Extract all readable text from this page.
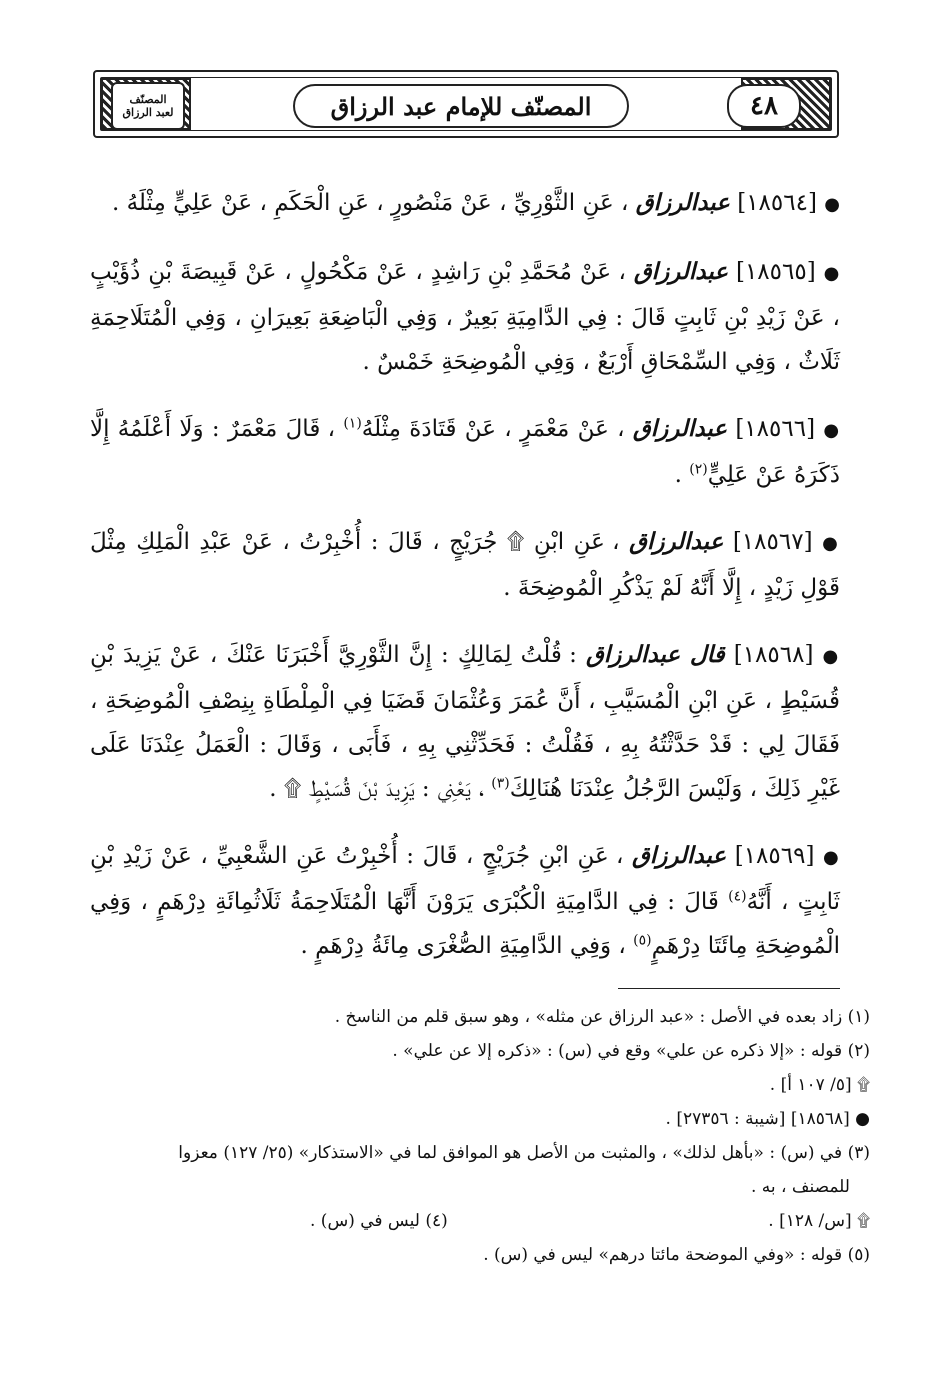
المصنّف
لعبد الرزاق	المصنّف للإمام عبد الرزاق	٤٨

● [١٨٥٦٤] عبدالرزاق ، عَنِ الثَّوْرِيِّ ، عَنْ مَنْصُورٍ ، عَنِ الْحَكَمِ ، عَنْ عَلِيٍّ مِثْلَهُ .

● [١٨٥٦٥] عبدالرزاق ، عَنْ مُحَمَّدِ بْنِ رَاشِدٍ ، عَنْ مَكْحُولٍ ، عَنْ قَبِيصَةَ بْنِ ذُؤَيْبٍ ، عَنْ زَيْدِ بْنِ ثَابِتٍ قَالَ : فِي الدَّامِيَةِ بَعِيرٌ ، وَفِي الْبَاضِعَةِ بَعِيرَانِ ، وَفِي الْمُتَلَاحِمَةِ ثَلَاثٌ ، وَفِي السِّمْحَاقِ أَرْبَعٌ ، وَفِي الْمُوضِحَةِ خَمْسٌ .

● [١٨٥٦٦] عبدالرزاق ، عَنْ مَعْمَرٍ ، عَنْ قَتَادَةَ مِثْلَهُ$^{(١)}$ ، قَالَ مَعْمَرٌ : وَلَا أَعْلَمُهُ إِلَّا ذَكَرَهُ عَنْ عَلِيٍّ$^{(٢)}$ .

● [١٨٥٦٧] عبدالرزاق ، عَنِ ابْنِ ۩ جُرَيْجٍ ، قَالَ : أُخْبِرْتُ ، عَنْ عَبْدِ الْمَلِكِ مِثْلَ قَوْلِ زَيْدٍ ، إِلَّا أَنَّهُ لَمْ يَذْكُرِ الْمُوضِحَةَ .

● [١٨٥٦٨] قال عبدالرزاق : قُلْتُ لِمَالِكٍ : إِنَّ الثَّوْرِيَّ أَخْبَرَنَا عَنْكَ ، عَنْ يَزِيدَ بْنِ قُسَيْطٍ ، عَنِ ابْنِ الْمُسَيَّبِ ، أَنَّ عُمَرَ وَعُثْمَانَ قَضَيَا فِي الْمِلْطَاةِ بِنِصْفِ الْمُوضِحَةِ ، فَقَالَ لِي : قَدْ حَدَّثْتُهُ بِهِ ، فَقُلْتُ : فَحَدِّثْنِي بِهِ ، فَأَبَى ، وَقَالَ : الْعَمَلُ عِنْدَنَا عَلَى غَيْرِ ذَلِكَ ، وَلَيْسَ الرَّجُلُ عِنْدَنَا هُنَالِكَ$^{(٣)}$ ، يَعْنِي : يَزِيدَ بْنَ قُسَيْطٍ ۩ .

● [١٨٥٦٩] عبدالرزاق ، عَنِ ابْنِ جُرَيْجٍ ، قَالَ : أُخْبِرْتُ عَنِ الشَّعْبِيِّ ، عَنْ زَيْدِ بْنِ ثَابِتٍ ، أَنَّهُ$^{(٤)}$ قَالَ : فِي الدَّامِيَةِ الْكُبْرَى يَرَوْنَ أَنَّهَا الْمُتَلَاحِمَةُ ثَلَاثُمِائَةِ دِرْهَمٍ ، وَفِي الْمُوضِحَةِ مِائَتَا دِرْهَمٍ$^{(٥)}$ ، وَفِي الدَّامِيَةِ الصُّغْرَى مِائَةُ دِرْهَمٍ .

(١) زاد بعده في الأصل : «عبد الرزاق عن مثله» ، وهو سبق قلم من الناسخ .
(٢) قوله : «إلا ذكره عن علي» وقع في (س) : «ذكره إلا عن علي» .
۩ [٥/ ١٠٧ أ] .
● [١٨٥٦٨] [شيبة : ٢٧٣٥٦] .
(٣) في (س) : «بأهل لذلك» ، والمثبت من الأصل هو الموافق لما في «الاستذكار» (٢٥/ ١٢٧) معزوا
للمصنف ، به .
۩ [س/ ١٢٨] .
(٤) ليس في (س) .
(٥) قوله : «وفي الموضحة مائتا درهم» ليس في (س) .
